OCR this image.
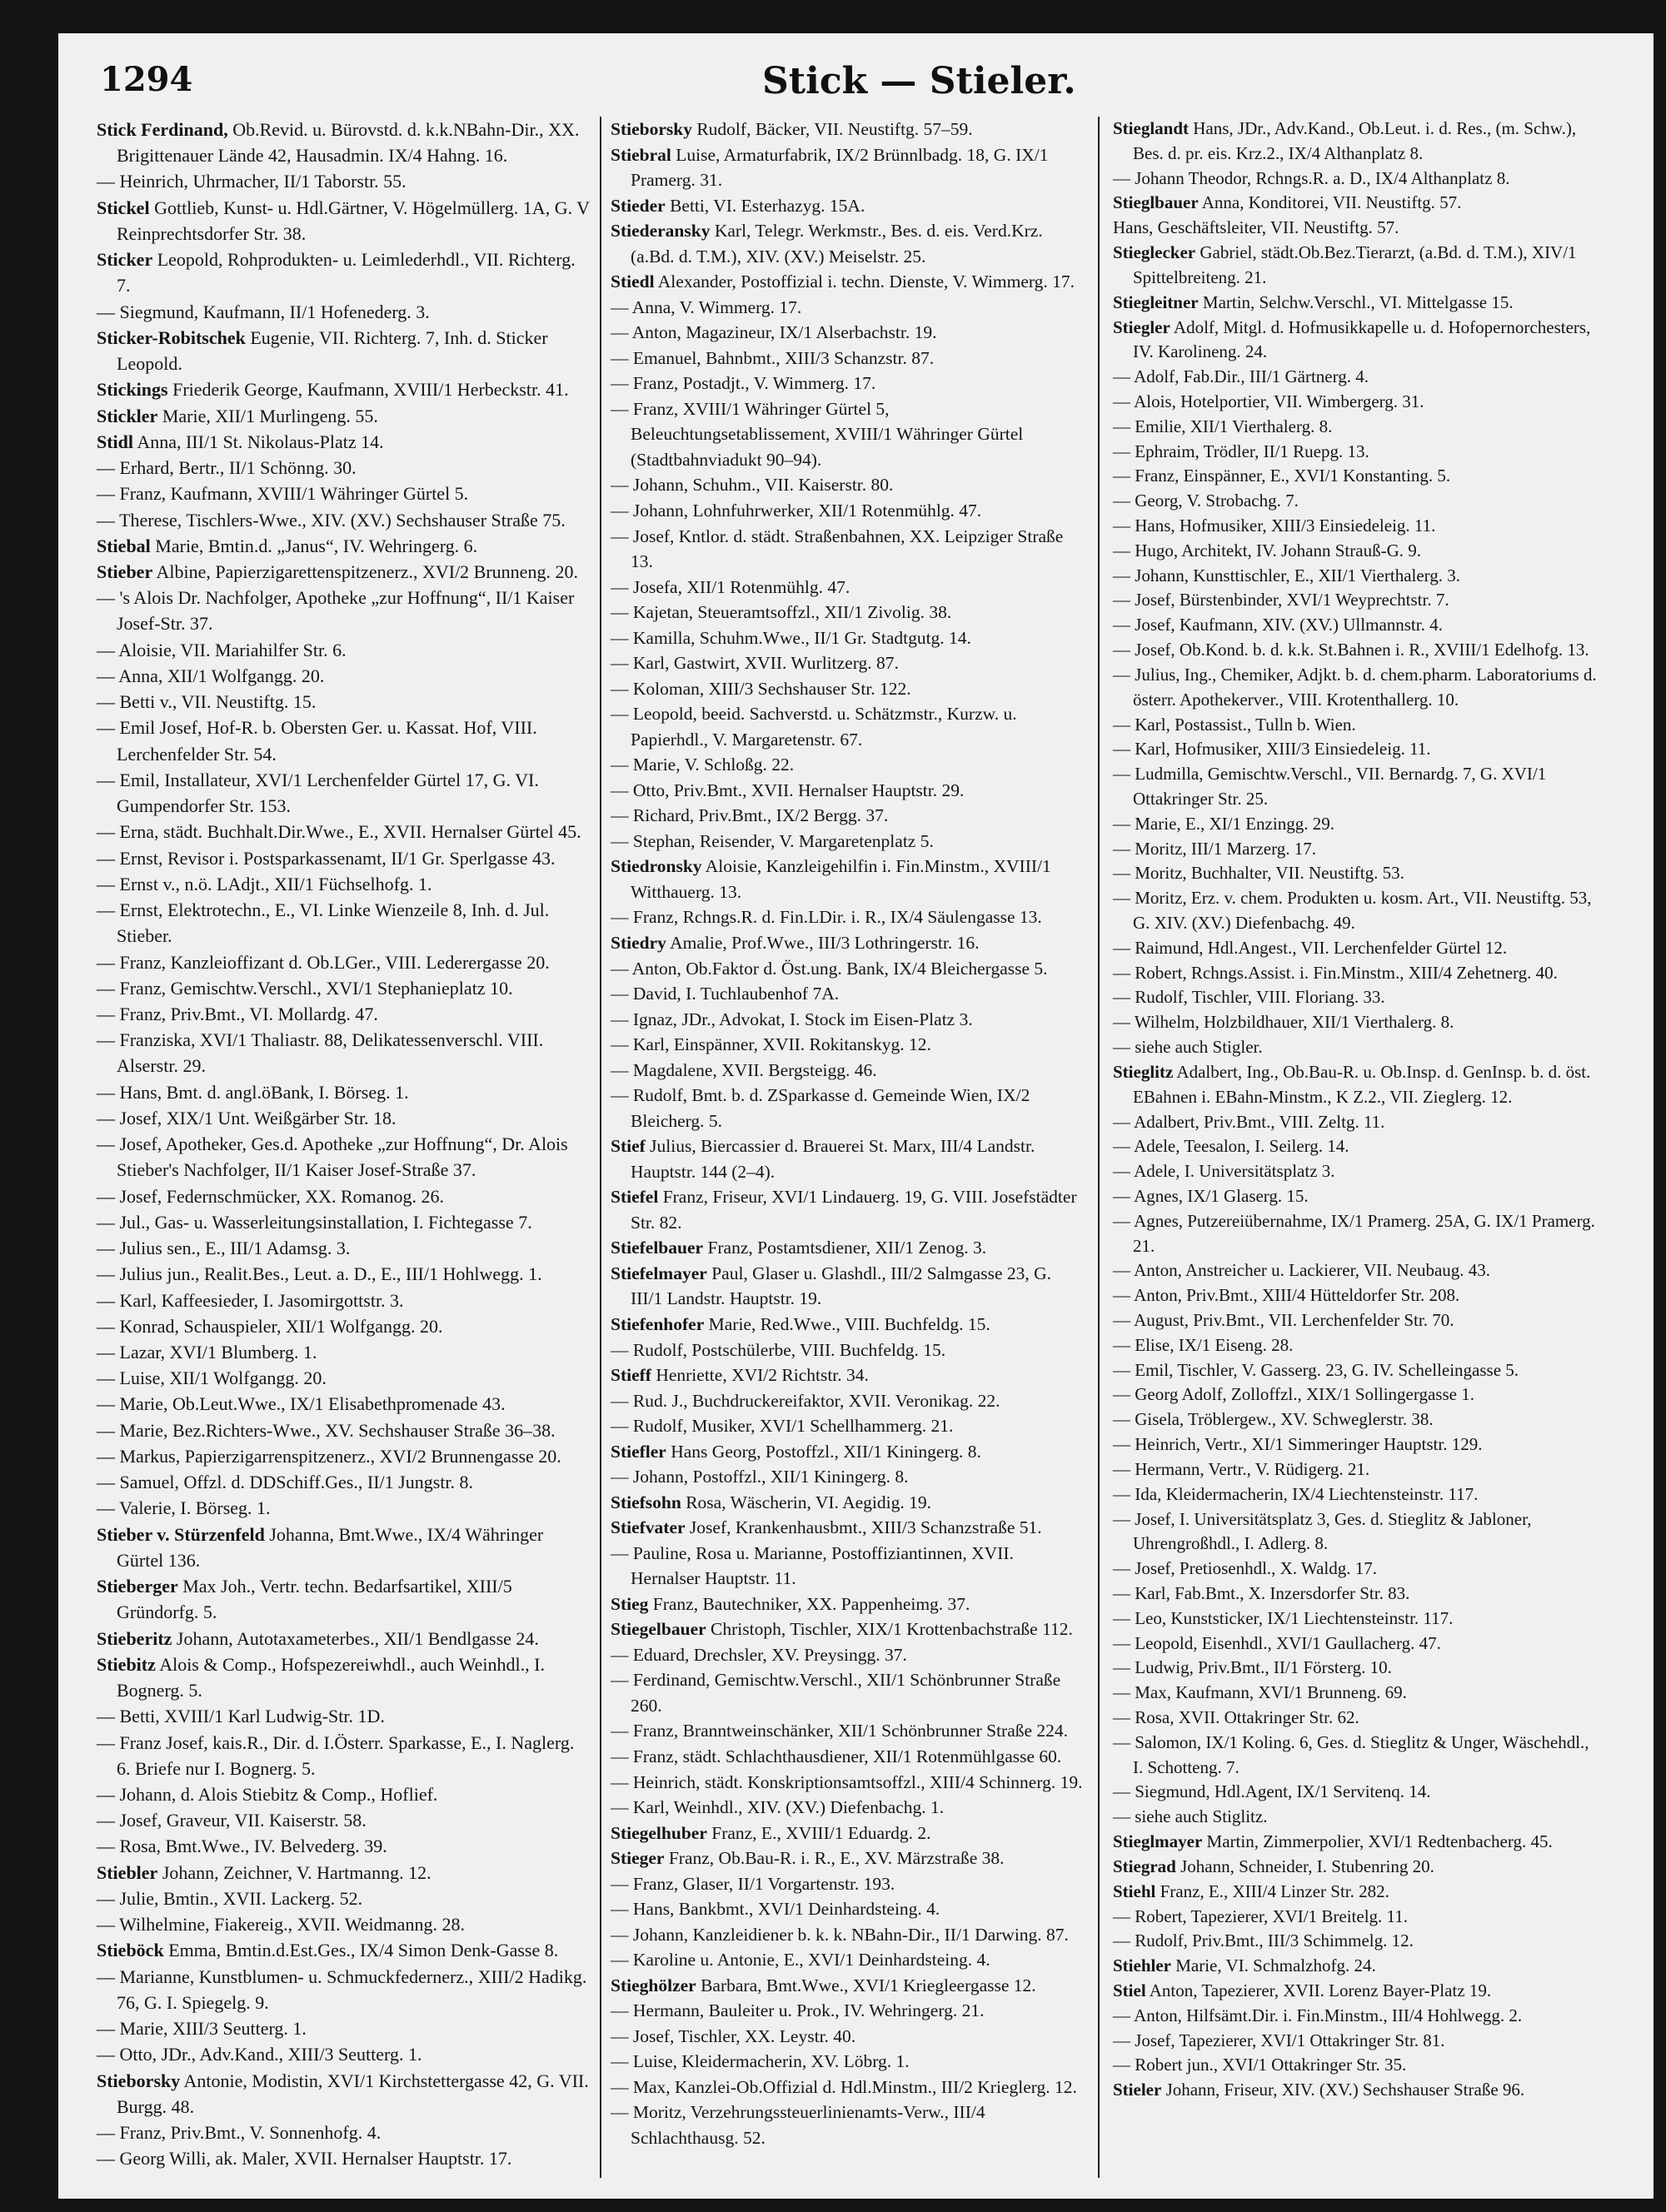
1294	Stick — Stieler.

Stick Ferdinand, Ob.Revid. u. Bürovstd. d. k.k.NBahn-Dir., XX. Brigittenauer Lände 42, Hausadmin. IX/4 Hahng. 16.

— Heinrich, Uhrmacher, II/1 Taborstr. 55.

Stickel Gottlieb, Kunst- u. Hdl.Gärtner, V. Högelmüllerg. 1A, G. V Reinprechtsdorfer Str. 38.

Sticker Leopold, Rohprodukten- u. Leimlederhdl., VII. Richterg. 7.

— Siegmund, Kaufmann, II/1 Hofenederg. 3.

Sticker-Robitschek Eugenie, VII. Richterg. 7, Inh. d. Sticker Leopold.

Stickings Friederik George, Kaufmann, XVIII/1 Herbeckstr. 41.

Stickler Marie, XII/1 Murlingeng. 55.

Stidl Anna, III/1 St. Nikolaus-Platz 14.

— Erhard, Bertr., II/1 Schönng. 30.

— Franz, Kaufmann, XVIII/1 Währinger Gürtel 5.

— Therese, Tischlers-Wwe., XIV. (XV.) Sechshauser Straße 75.

Stiebal Marie, Bmtin.d. „Janus“, IV. Wehringerg. 6.

Stieber Albine, Papierzigarettenspitzenerz., XVI/2 Brunneng. 20.

— 's Alois Dr. Nachfolger, Apotheke „zur Hoffnung“, II/1 Kaiser Josef-Str. 37.

— Aloisie, VII. Mariahilfer Str. 6.

— Anna, XII/1 Wolfgangg. 20.

— Betti v., VII. Neustiftg. 15.

— Emil Josef, Hof-R. b. Obersten Ger. u. Kassat. Hof, VIII. Lerchenfelder Str. 54.

— Emil, Installateur, XVI/1 Lerchenfelder Gürtel 17, G. VI. Gumpendorfer Str. 153.

— Erna, städt. Buchhalt.Dir.Wwe., E., XVII. Hernalser Gürtel 45.

— Ernst, Revisor i. Postsparkassenamt, II/1 Gr. Sperlgasse 43.

— Ernst v., n.ö. LAdjt., XII/1 Füchselhofg. 1.

— Ernst, Elektrotechn., E., VI. Linke Wienzeile 8, Inh. d. Jul. Stieber.

— Franz, Kanzleioffizant d. Ob.LGer., VIII. Lederergasse 20.

— Franz, Gemischtw.Verschl., XVI/1 Stephanieplatz 10.

— Franz, Priv.Bmt., VI. Mollardg. 47.

— Franziska, XVI/1 Thaliastr. 88, Delikatessenverschl. VIII. Alserstr. 29.

— Hans, Bmt. d. angl.öBank, I. Börseg. 1.

— Josef, XIX/1 Unt. Weißgärber Str. 18.

— Josef, Apotheker, Ges.d. Apotheke „zur Hoffnung“, Dr. Alois Stieber's Nachfolger, II/1 Kaiser Josef-Straße 37.

— Josef, Federnschmücker, XX. Romanog. 26.

— Jul., Gas- u. Wasserleitungsinstallation, I. Fichtegasse 7.

— Julius sen., E., III/1 Adamsg. 3.

— Julius jun., Realit.Bes., Leut. a. D., E., III/1 Hohlwegg. 1.

— Karl, Kaffeesieder, I. Jasomirgottstr. 3.

— Konrad, Schauspieler, XII/1 Wolfgangg. 20.

— Lazar, XVI/1 Blumberg. 1.

— Luise, XII/1 Wolfgangg. 20.

— Marie, Ob.Leut.Wwe., IX/1 Elisabethpromenade 43.

— Marie, Bez.Richters-Wwe., XV. Sechshauser Straße 36–38.

— Markus, Papierzigarrenspitzenerz., XVI/2 Brunnengasse 20.

— Samuel, Offzl. d. DDSchiff.Ges., II/1 Jungstr. 8.

— Valerie, I. Börseg. 1.

Stieber v. Stürzenfeld Johanna, Bmt.Wwe., IX/4 Währinger Gürtel 136.

Stieberger Max Joh., Vertr. techn. Bedarfsartikel, XIII/5 Gründorfg. 5.

Stieberitz Johann, Autotaxameterbes., XII/1 Bendlgasse 24.

Stiebitz Alois & Comp., Hofspezereiwhdl., auch Weinhdl., I. Bognerg. 5.

— Betti, XVIII/1 Karl Ludwig-Str. 1D.

— Franz Josef, kais.R., Dir. d. I.Österr. Sparkasse, E., I. Naglerg. 6. Briefe nur I. Bognerg. 5.

— Johann, d. Alois Stiebitz & Comp., Hoflief.

— Josef, Graveur, VII. Kaiserstr. 58.

— Rosa, Bmt.Wwe., IV. Belvederg. 39.

Stiebler Johann, Zeichner, V. Hartmanng. 12.

— Julie, Bmtin., XVII. Lackerg. 52.

— Wilhelmine, Fiakereig., XVII. Weidmanng. 28.

Stieböck Emma, Bmtin.d.Est.Ges., IX/4 Simon Denk-Gasse 8.

— Marianne, Kunstblumen- u. Schmuckfedernerz., XIII/2 Hadikg. 76, G. I. Spiegelg. 9.

— Marie, XIII/3 Seutterg. 1.

— Otto, JDr., Adv.Kand., XIII/3 Seutterg. 1.

Stieborsky Antonie, Modistin, XVI/1 Kirchstettergasse 42, G. VII. Burgg. 48.

— Franz, Priv.Bmt., V. Sonnenhofg. 4.

— Georg Willi, ak. Maler, XVII. Hernalser Hauptstr. 17.

Stieborsky Rudolf, Bäcker, VII. Neustiftg. 57–59.

Stiebral Luise, Armaturfabrik, IX/2 Brünnlbadg. 18, G. IX/1 Pramerg. 31.

Stieder Betti, VI. Esterhazyg. 15A.

Stiederansky Karl, Telegr. Werkmstr., Bes. d. eis. Verd.Krz. (a.Bd. d. T.M.), XIV. (XV.) Meiselstr. 25.

Stiedl Alexander, Postoffizial i. techn. Dienste, V. Wimmerg. 17.

— Anna, V. Wimmerg. 17.

— Anton, Magazineur, IX/1 Alserbachstr. 19.

— Emanuel, Bahnbmt., XIII/3 Schanzstr. 87.

— Franz, Postadjt., V. Wimmerg. 17.

— Franz, XVIII/1 Währinger Gürtel 5, Beleuchtungsetablissement, XVIII/1 Währinger Gürtel (Stadtbahnviadukt 90–94).

— Johann, Schuhm., VII. Kaiserstr. 80.

— Johann, Lohnfuhrwerker, XII/1 Rotenmühlg. 47.

— Josef, Kntlor. d. städt. Straßenbahnen, XX. Leipziger Straße 13.

— Josefa, XII/1 Rotenmühlg. 47.

— Kajetan, Steueramtsoffzl., XII/1 Zivolig. 38.

— Kamilla, Schuhm.Wwe., II/1 Gr. Stadtgutg. 14.

— Karl, Gastwirt, XVII. Wurlitzerg. 87.

— Koloman, XIII/3 Sechshauser Str. 122.

— Leopold, beeid. Sachverstd. u. Schätzmstr., Kurzw. u. Papierhdl., V. Margaretenstr. 67.

— Marie, V. Schloßg. 22.

— Otto, Priv.Bmt., XVII. Hernalser Hauptstr. 29.

— Richard, Priv.Bmt., IX/2 Bergg. 37.

— Stephan, Reisender, V. Margaretenplatz 5.

Stiedronsky Aloisie, Kanzleigehilfin i. Fin.Minstm., XVIII/1 Witthauerg. 13.

— Franz, Rchngs.R. d. Fin.LDir. i. R., IX/4 Säulengasse 13.

Stiedry Amalie, Prof.Wwe., III/3 Lothringerstr. 16.

— Anton, Ob.Faktor d. Öst.ung. Bank, IX/4 Bleichergasse 5.

— David, I. Tuchlaubenhof 7A.

— Ignaz, JDr., Advokat, I. Stock im Eisen-Platz 3.

— Karl, Einspänner, XVII. Rokitanskyg. 12.

— Magdalene, XVII. Bergsteigg. 46.

— Rudolf, Bmt. b. d. ZSparkasse d. Gemeinde Wien, IX/2 Bleicherg. 5.

Stief Julius, Biercassier d. Brauerei St. Marx, III/4 Landstr. Hauptstr. 144 (2–4).

Stiefel Franz, Friseur, XVI/1 Lindauerg. 19, G. VIII. Josefstädter Str. 82.

Stiefelbauer Franz, Postamtsdiener, XII/1 Zenog. 3.

Stiefelmayer Paul, Glaser u. Glashdl., III/2 Salmgasse 23, G. III/1 Landstr. Hauptstr. 19.

Stiefenhofer Marie, Red.Wwe., VIII. Buchfeldg. 15.

— Rudolf, Postschülerbe, VIII. Buchfeldg. 15.

Stieff Henriette, XVI/2 Richtstr. 34.

— Rud. J., Buchdruckereifaktor, XVII. Veronikag. 22.

— Rudolf, Musiker, XVI/1 Schellhammerg. 21.

Stiefler Hans Georg, Postoffzl., XII/1 Kiningerg. 8.

— Johann, Postoffzl., XII/1 Kiningerg. 8.

Stiefsohn Rosa, Wäscherin, VI. Aegidig. 19.

Stiefvater Josef, Krankenhausbmt., XIII/3 Schanzstraße 51.

— Pauline, Rosa u. Marianne, Postoffiziantinnen, XVII. Hernalser Hauptstr. 11.

Stieg Franz, Bautechniker, XX. Pappenheimg. 37.

Stiegelbauer Christoph, Tischler, XIX/1 Krottenbachstraße 112.

— Eduard, Drechsler, XV. Preysingg. 37.

— Ferdinand, Gemischtw.Verschl., XII/1 Schönbrunner Straße 260.

— Franz, Branntweinschänker, XII/1 Schönbrunner Straße 224.

— Franz, städt. Schlachthausdiener, XII/1 Rotenmühlgasse 60.

— Heinrich, städt. Konskriptionsamtsoffzl., XIII/4 Schinnerg. 19.

— Karl, Weinhdl., XIV. (XV.) Diefenbachg. 1.

Stiegelhuber Franz, E., XVIII/1 Eduardg. 2.

Stieger Franz, Ob.Bau-R. i. R., E., XV. Märzstraße 38.

— Franz, Glaser, II/1 Vorgartenstr. 193.

— Hans, Bankbmt., XVI/1 Deinhardsteing. 4.

— Johann, Kanzleidiener b. k. k. NBahn-Dir., II/1 Darwing. 87.

— Karoline u. Antonie, E., XVI/1 Deinhardsteing. 4.

Stieghölzer Barbara, Bmt.Wwe., XVI/1 Kriegleergasse 12.

— Hermann, Bauleiter u. Prok., IV. Wehringerg. 21.

— Josef, Tischler, XX. Leystr. 40.

— Luise, Kleidermacherin, XV. Löbrg. 1.

— Max, Kanzlei-Ob.Offizial d. Hdl.Minstm., III/2 Krieglerg. 12.

— Moritz, Verzehrungssteuerlinienamts-Verw., III/4 Schlachthausg. 52.

Stieglandt Hans, JDr., Adv.Kand., Ob.Leut. i. d. Res., (m. Schw.), Bes. d. pr. eis. Krz.2., IX/4 Althanplatz 8.

— Johann Theodor, Rchngs.R. a. D., IX/4 Althanplatz 8.

Stieglbauer Anna, Konditorei, VII. Neustiftg. 57.

Hans, Geschäftsleiter, VII. Neustiftg. 57.

Stieglecker Gabriel, städt.Ob.Bez.Tierarzt, (a.Bd. d. T.M.), XIV/1 Spittelbreiteng. 21.

Stiegleitner Martin, Selchw.Verschl., VI. Mittelgasse 15.

Stiegler Adolf, Mitgl. d. Hofmusikkapelle u. d. Hofopernorchesters, IV. Karolineng. 24.

— Adolf, Fab.Dir., III/1 Gärtnerg. 4.

— Alois, Hotelportier, VII. Wimbergerg. 31.

— Emilie, XII/1 Vierthalerg. 8.

— Ephraim, Trödler, II/1 Ruepg. 13.

— Franz, Einspänner, E., XVI/1 Konstanting. 5.

— Georg, V. Strobachg. 7.

— Hans, Hofmusiker, XIII/3 Einsiedeleig. 11.

— Hugo, Architekt, IV. Johann Strauß-G. 9.

— Johann, Kunsttischler, E., XII/1 Vierthalerg. 3.

— Josef, Bürstenbinder, XVI/1 Weyprechtstr. 7.

— Josef, Kaufmann, XIV. (XV.) Ullmannstr. 4.

— Josef, Ob.Kond. b. d. k.k. St.Bahnen i. R., XVIII/1 Edelhofg. 13.

— Julius, Ing., Chemiker, Adjkt. b. d. chem.pharm. Laboratoriums d. österr. Apothekerver., VIII. Krotenthallerg. 10.

— Karl, Postassist., Tulln b. Wien.

— Karl, Hofmusiker, XIII/3 Einsiedeleig. 11.

— Ludmilla, Gemischtw.Verschl., VII. Bernardg. 7, G. XVI/1 Ottakringer Str. 25.

— Marie, E., XI/1 Enzingg. 29.

— Moritz, III/1 Marzerg. 17.

— Moritz, Buchhalter, VII. Neustiftg. 53.

— Moritz, Erz. v. chem. Produkten u. kosm. Art., VII. Neustiftg. 53, G. XIV. (XV.) Diefenbachg. 49.

— Raimund, Hdl.Angest., VII. Lerchenfelder Gürtel 12.

— Robert, Rchngs.Assist. i. Fin.Minstm., XIII/4 Zehetnerg. 40.

— Rudolf, Tischler, VIII. Floriang. 33.

— Wilhelm, Holzbildhauer, XII/1 Vierthalerg. 8.

— siehe auch Stigler.

Stieglitz Adalbert, Ing., Ob.Bau-R. u. Ob.Insp. d. GenInsp. b. d. öst. EBahnen i. EBahn-Minstm., K Z.2., VII. Zieglerg. 12.

— Adalbert, Priv.Bmt., VIII. Zeltg. 11.

— Adele, Teesalon, I. Seilerg. 14.

— Adele, I. Universitätsplatz 3.

— Agnes, IX/1 Glaserg. 15.

— Agnes, Putzereiübernahme, IX/1 Pramerg. 25A, G. IX/1 Pramerg. 21.

— Anton, Anstreicher u. Lackierer, VII. Neubaug. 43.

— Anton, Priv.Bmt., XIII/4 Hütteldorfer Str. 208.

— August, Priv.Bmt., VII. Lerchenfelder Str. 70.

— Elise, IX/1 Eiseng. 28.

— Emil, Tischler, V. Gasserg. 23, G. IV. Schelleingasse 5.

— Georg Adolf, Zolloffzl., XIX/1 Sollingergasse 1.

— Gisela, Tröblergew., XV. Schweglerstr. 38.

— Heinrich, Vertr., XI/1 Simmeringer Hauptstr. 129.

— Hermann, Vertr., V. Rüdigerg. 21.

— Ida, Kleidermacherin, IX/4 Liechtensteinstr. 117.

— Josef, I. Universitätsplatz 3, Ges. d. Stieglitz & Jabloner, Uhrengroßhdl., I. Adlerg. 8.

— Josef, Pretiosenhdl., X. Waldg. 17.

— Karl, Fab.Bmt., X. Inzersdorfer Str. 83.

— Leo, Kunststicker, IX/1 Liechtensteinstr. 117.

— Leopold, Eisenhdl., XVI/1 Gaullacherg. 47.

— Ludwig, Priv.Bmt., II/1 Försterg. 10.

— Max, Kaufmann, XVI/1 Brunneng. 69.

— Rosa, XVII. Ottakringer Str. 62.

— Salomon, IX/1 Koling. 6, Ges. d. Stieglitz & Unger, Wäschehdl., I. Schotteng. 7.

— Siegmund, Hdl.Agent, IX/1 Servitenq. 14.

— siehe auch Stiglitz.

Stieglmayer Martin, Zimmerpolier, XVI/1 Redtenbacherg. 45.

Stiegrad Johann, Schneider, I. Stubenring 20.

Stiehl Franz, E., XIII/4 Linzer Str. 282.

— Robert, Tapezierer, XVI/1 Breitelg. 11.

— Rudolf, Priv.Bmt., III/3 Schimmelg. 12.

Stiehler Marie, VI. Schmalzhofg. 24.

Stiel Anton, Tapezierer, XVII. Lorenz Bayer-Platz 19.

— Anton, Hilfsämt.Dir. i. Fin.Minstm., III/4 Hohlwegg. 2.

— Josef, Tapezierer, XVI/1 Ottakringer Str. 81.

— Robert jun., XVI/1 Ottakringer Str. 35.

Stieler Johann, Friseur, XIV. (XV.) Sechshauser Straße 96.
